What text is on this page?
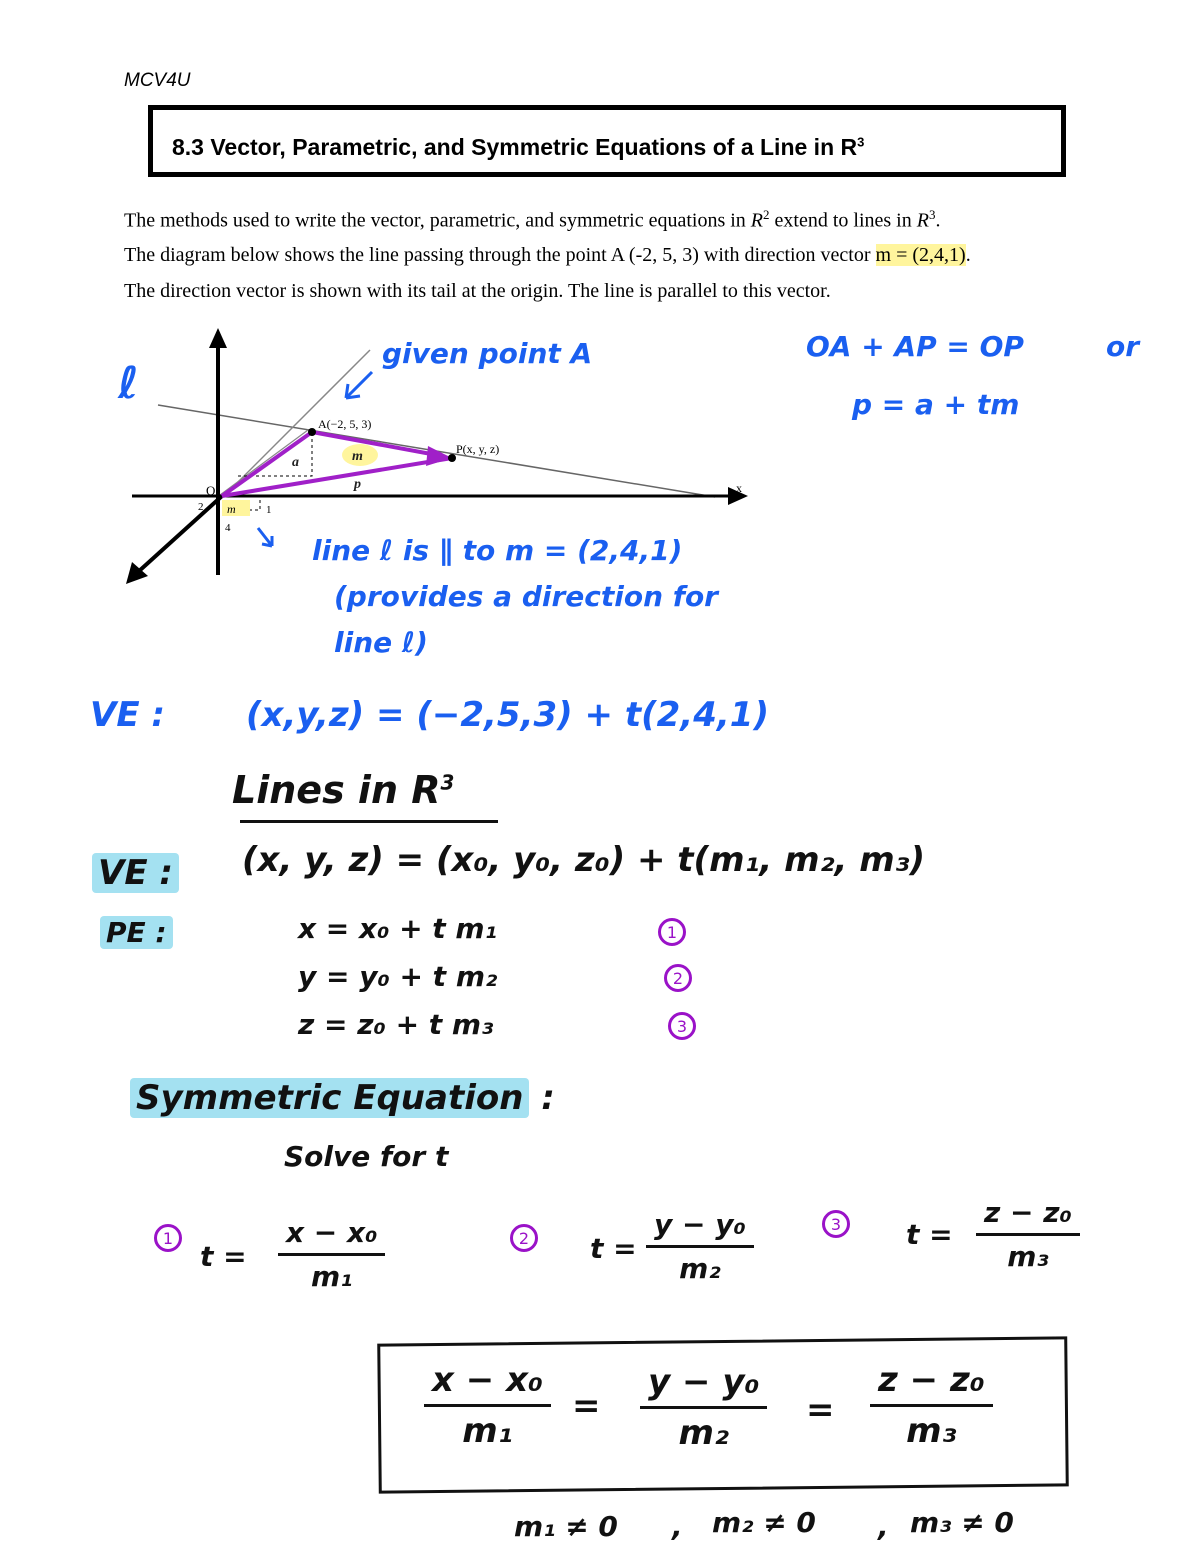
MCV4U
8.3 Vector, Parametric, and Symmetric Equations of a Line in $R^3$
The methods used to write the vector, parametric, and symmetric equations in $R^2$ extend to lines in $R^3$.
The diagram below shows the line passing through the point A (-2, 5, 3) with direction vector m = (2,4,1).
The direction vector is shown with its tail at the origin. The line is parallel to this vector.
A(−2, 5, 3)
P(x, y, z)
O	x
a	m
p
m
2
4
1
ℓ
given point A	OA + AP = OP	or
p = a + tm
line ℓ is ∥ to m = (2,4,1)
(provides a direction for
line ℓ)
VE : (x,y,z) = (−2,5,3) + t(2,4,1)
Lines in $R^3$
VE : (x, y, z) = (x₀, y₀, z₀) + t(m₁, m₂, m₃)
PE :	x = x₀ + t m₁
y = y₀ + t m₂
z = z₀ + t m₃
1
2
3
Symmetric Equation :
Solve for t
1
$t = \frac{\text{x − x₀}}{\text{m₁}}$	2	$t = \frac{\text{y − y₀}}{\text{m₂}}$	3	$t = \frac{\text{z − z₀}}{\text{m₃}}$
$\frac{\text{x − x₀}}{\text{m₁}} = \frac{\text{y − y₀}}{\text{m₂}} = \frac{\text{z − z₀}}{\text{m₃}}$
m₁ ≠ 0 , m₂ ≠ 0 , m₃ ≠ 0
